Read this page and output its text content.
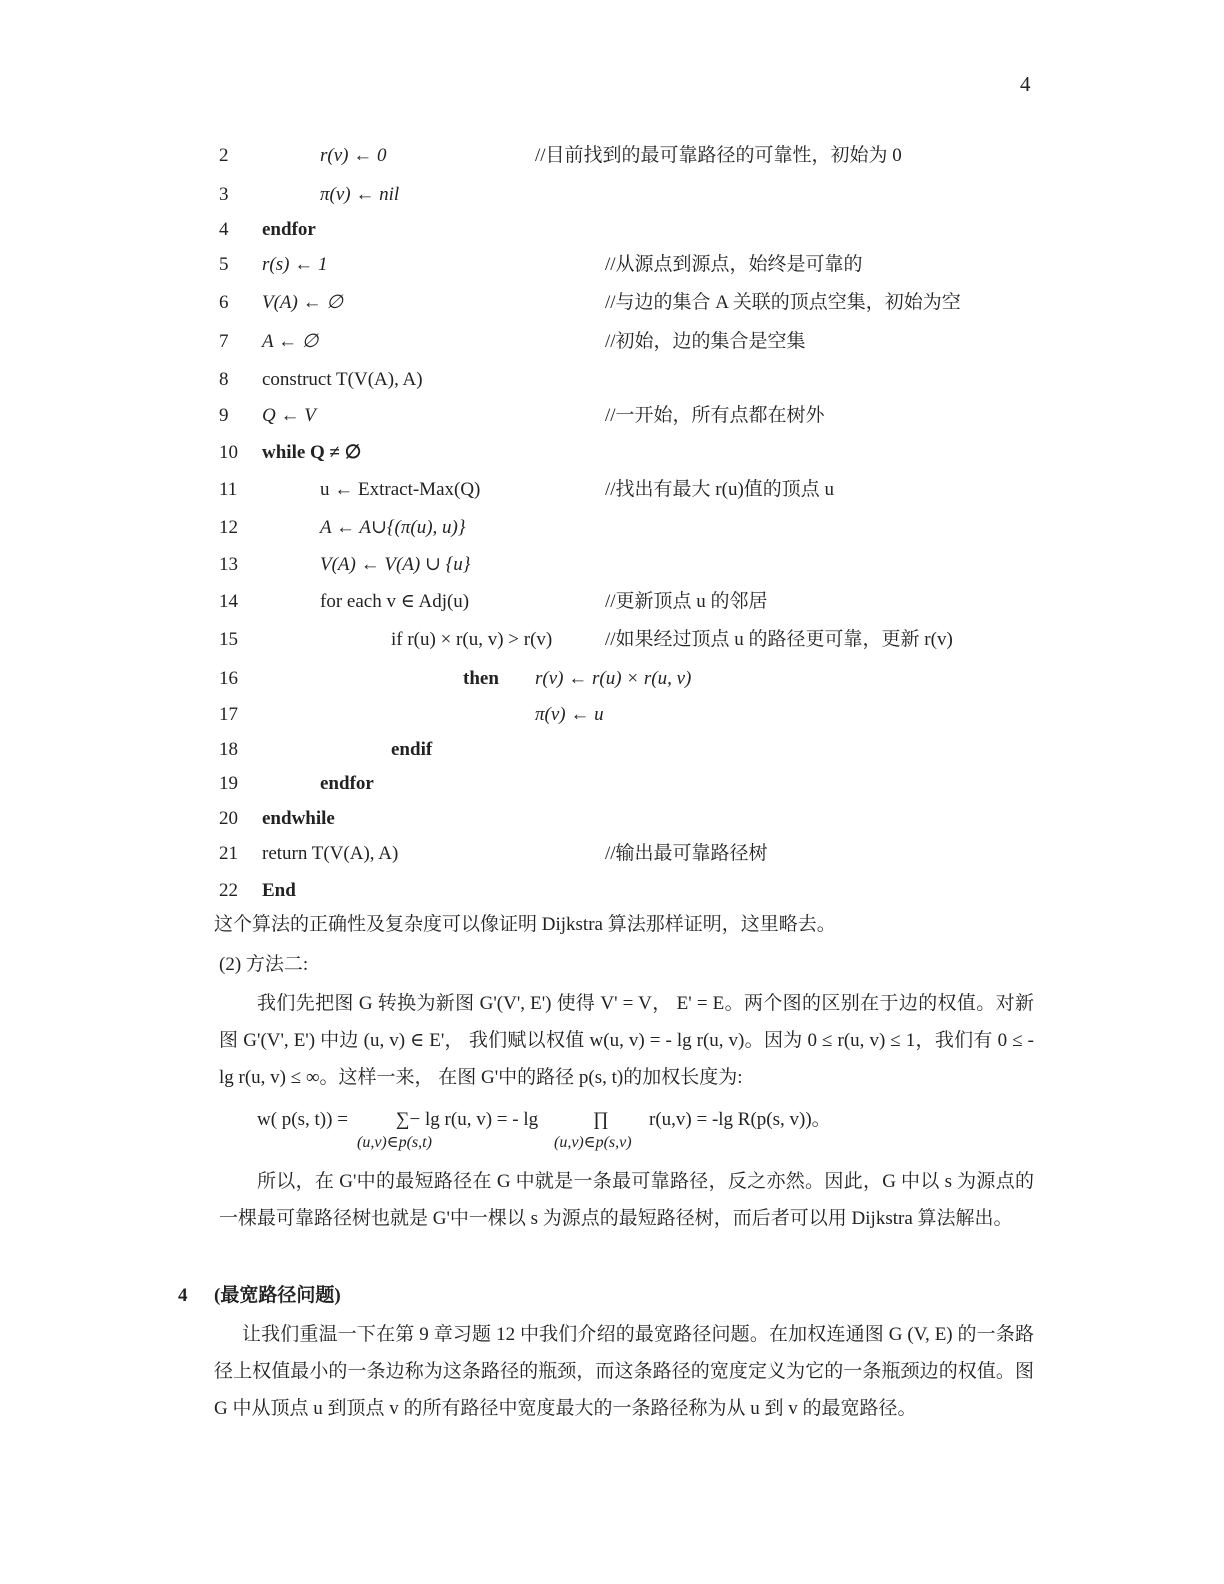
4
2	r(v) ← 0	//目前找到的最可靠路径的可靠性，初始为 0
3	π(v) ← nil
4 endfor
5 r(s) ← 1	//从源点到源点，始终是可靠的
6 V(A) ← ∅	//与边的集合 A 关联的顶点空集，初始为空
7 A ← ∅	//初始，边的集合是空集
8 construct T(V(A), A)
9 Q ← V	//一开始，所有点都在树外
10 while Q ≠ ∅
11	u ← Extract-Max(Q)	//找出有最大 r(u)值的顶点 u
12	A ← A∪{(π(u), u)}
13	V(A) ← V(A) ∪ {u}
14	for each v ∈ Adj(u)	//更新顶点 u 的邻居
15	if r(u) × r(u, v) > r(v)	//如果经过顶点 u 的路径更可靠，更新 r(v)
16	then r(v) ← r(u) × r(u, v)
17	π(v) ← u
18	endif
19	endfor
20 endwhile
21 return T(V(A), A)	//输出最可靠路径树
22 End
这个算法的正确性及复杂度可以像证明 Dijkstra 算法那样证明，这里略去。
(2) 方法二:
我们先把图 G 转换为新图 G'(V', E') 使得 V' = V， E' = E。两个图的区别在于边的权值。对新图 G'(V', E') 中边 (u, v) ∈ E'， 我们赋以权值 w(u, v) = - lg r(u, v)。因为 0 ≤ r(u, v) ≤ 1，我们有 0 ≤ - lg r(u, v) ≤ ∞。这样一来， 在图 G'中的路径 p(s, t)的加权长度为:
w( p(s, t)) =	∑− lg r(u, v) = - lg
(u,v)∈p(s,t)
∏
(u,v)∈p(s,v)
r(u,v) = -lg R(p(s, v))。
所以，在 G'中的最短路径在 G 中就是一条最可靠路径，反之亦然。因此，G 中以 s 为源点的一棵最可靠路径树也就是 G'中一棵以 s 为源点的最短路径树，而后者可以用 Dijkstra 算法解出。
4 (最宽路径问题)
让我们重温一下在第 9 章习题 12 中我们介绍的最宽路径问题。在加权连通图 G (V, E) 的一条路径上权值最小的一条边称为这条路径的瓶颈，而这条路径的宽度定义为它的一条瓶颈边的权值。图 G 中从顶点 u 到顶点 v 的所有路径中宽度最大的一条路径称为从 u 到 v 的最宽路径。
